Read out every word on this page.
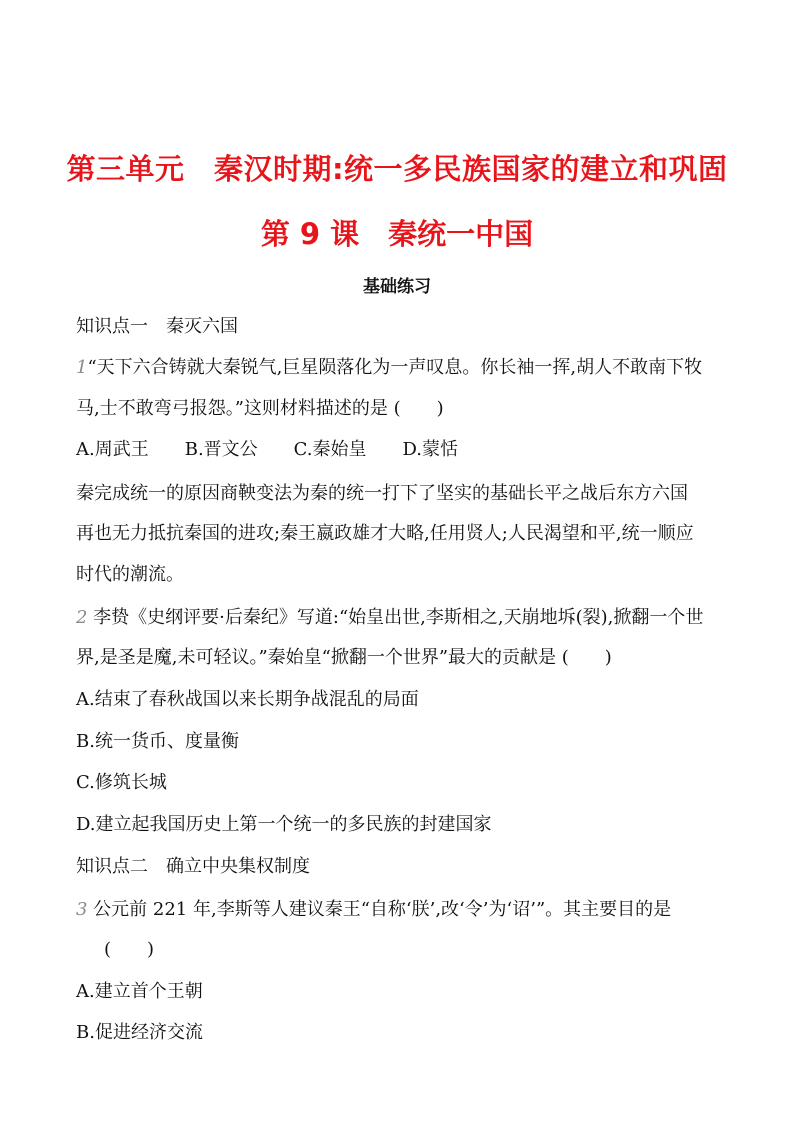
第三单元　秦汉时期:统一多民族国家的建立和巩固
第 9 课　秦统一中国
基础练习
知识点一　秦灭六国
1“天下六合铸就大秦锐气,巨星陨落化为一声叹息。你长袖一挥,胡人不敢南下牧
马,士不敢弯弓报怨。”这则材料描述的是 (　　)
A.周武王　　B.晋文公　　C.秦始皇　　D.蒙恬
秦完成统一的原因商鞅变法为秦的统一打下了坚实的基础长平之战后东方六国
再也无力抵抗秦国的进攻;秦王嬴政雄才大略,任用贤人;人民渴望和平,统一顺应
时代的潮流。
2 李贽《史纲评要·后秦纪》写道:“始皇出世,李斯相之,天崩地坼(裂),掀翻一个世
界,是圣是魔,未可轻议。”秦始皇“掀翻一个世界”最大的贡献是 (　　)
A.结束了春秋战国以来长期争战混乱的局面
B.统一货币、度量衡
C.修筑长城
D.建立起我国历史上第一个统一的多民族的封建国家
知识点二　确立中央集权制度
3 公元前 221 年,李斯等人建议秦王“自称‘朕’,改‘令’为‘诏’”。其主要目的是
(　　)
A.建立首个王朝
B.促进经济交流
